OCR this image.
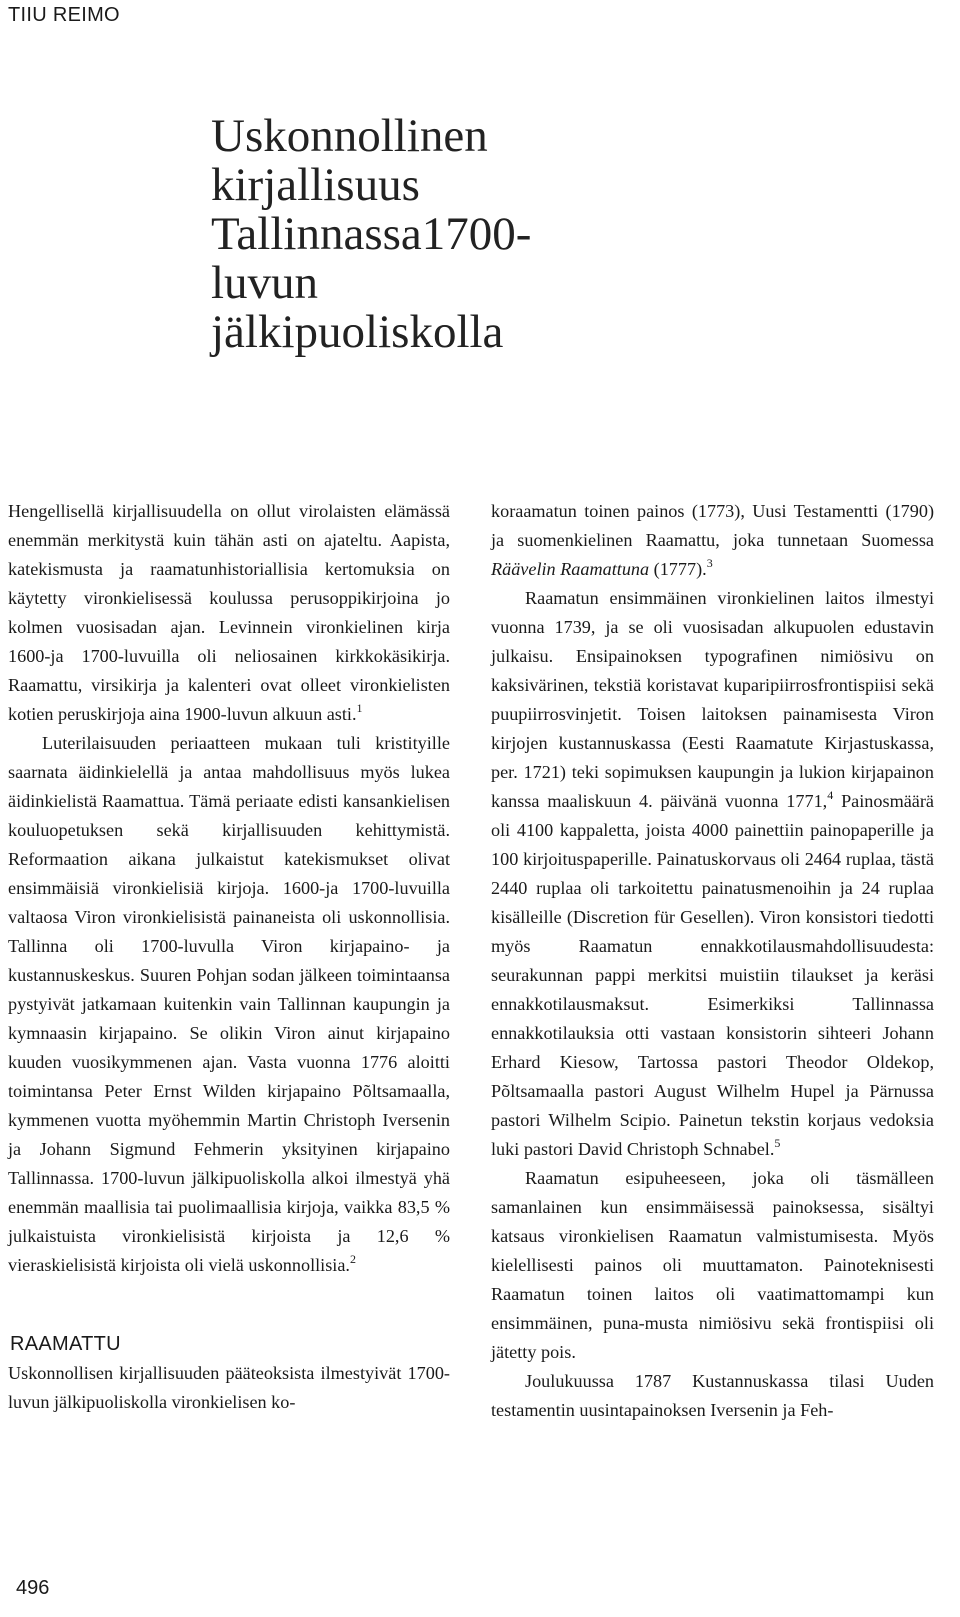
TIIU REIMO
Uskonnollinen
kirjallisuus
Tallinnassa1700-
luvun
jälkipuoliskolla

Hengellisellä kirjallisuudella on ollut virolaisten elämässä enemmän merkitystä kuin tähän asti on ajateltu. Aapista, katekismusta ja raamatunhistoriallisia kertomuksia on käytetty vironkielisessä koulussa perusoppikirjoina jo kolmen vuosisadan ajan. Levinnein vironkielinen kirja 1600-ja 1700-luvuilla oli neliosainen kirkkokäsikirja. Raamattu, virsikirja ja kalenteri ovat olleet vironkielisten kotien peruskirjoja aina 1900-luvun alkuun asti.$^1$

Luterilaisuuden periaatteen mukaan tuli kristityille saarnata äidinkielellä ja antaa mahdollisuus myös lukea äidinkielistä Raamattua. Tämä periaate edisti kansankielisen kouluopetuksen sekä kirjallisuuden kehittymistä. Reformaation aikana julkaistut katekismukset olivat ensimmäisiä vironkielisiä kirjoja. 1600-ja 1700-luvuilla valtaosa Viron vironkielisistä painaneista oli uskonnollisia. Tallinna oli 1700-luvulla Viron kirjapaino- ja kustannuskeskus. Suuren Pohjan sodan jälkeen toimintaansa pystyivät jatkamaan kuitenkin vain Tallinnan kaupungin ja kymnaasin kirjapaino. Se olikin Viron ainut kirjapaino kuuden vuosikymmenen ajan. Vasta vuonna 1776 aloitti toimintansa Peter Ernst Wilden kirjapaino Põltsamaalla, kymmenen vuotta myöhemmin Martin Christoph Iversenin ja Johann Sigmund Fehmerin yksityinen kirjapaino Tallinnassa. 1700-luvun jälkipuoliskolla alkoi ilmestyä yhä enemmän maallisia tai puolimaallisia kirjoja, vaikka 83,5 % julkaistuista vironkielisistä kirjoista ja 12,6 % vieraskielisistä kirjoista oli vielä uskonnollisia.$^2$

RAAMATTU

Uskonnollisen kirjallisuuden pääteoksista ilmestyivät 1700-luvun jälkipuoliskolla vironkielisen ko-

koraamatun toinen painos (1773), Uusi Testamentti (1790) ja suomenkielinen Raamattu, joka tunnetaan Suomessa Räävelin Raamattuna (1777).$^3$

Raamatun ensimmäinen vironkielinen laitos ilmestyi vuonna 1739, ja se oli vuosisadan alkupuolen edustavin julkaisu. Ensipainoksen typografinen nimiösivu on kaksivärinen, tekstiä koristavat kuparipiirrosfrontispiisi sekä puupiirrosvinjetit. Toisen laitoksen painamisesta Viron kirjojen kustannuskassa (Eesti Raamatute Kirjastuskassa, per. 1721) teki sopimuksen kaupungin ja lukion kirjapainon kanssa maaliskuun 4. päivänä vuonna 1771,$^4$ Painosmäärä oli 4100 kappaletta, joista 4000 painettiin painopaperille ja 100 kirjoituspaperille. Painatuskorvaus oli 2464 ruplaa, tästä 2440 ruplaa oli tarkoitettu painatusmenoihin ja 24 ruplaa kisälleille (Discretion für Gesellen). Viron konsistori tiedotti myös Raamatun ennakkotilausmahdollisuudesta: seurakunnan pappi merkitsi muistiin tilaukset ja keräsi ennakkotilausmaksut. Esimerkiksi Tallinnassa ennakkotilauksia otti vastaan konsistorin sihteeri Johann Erhard Kiesow, Tartossa pastori Theodor Oldekop, Põltsamaalla pastori August Wilhelm Hupel ja Pärnussa pastori Wilhelm Scipio. Painetun tekstin korjaus vedoksia luki pastori David Christoph Schnabel.$^5$

Raamatun esipuheeseen, joka oli täsmälleen samanlainen kun ensimmäisessä painoksessa, sisältyi katsaus vironkielisen Raamatun valmistumisesta. Myös kielellisesti painos oli muuttamaton. Painoteknisesti Raamatun toinen laitos oli vaatimattomampi kun ensimmäinen, puna-musta nimiösivu sekä frontispiisi oli jätetty pois.

Joulukuussa 1787 Kustannuskassa tilasi Uuden testamentin uusintapainoksen Iversenin ja Feh-

496
